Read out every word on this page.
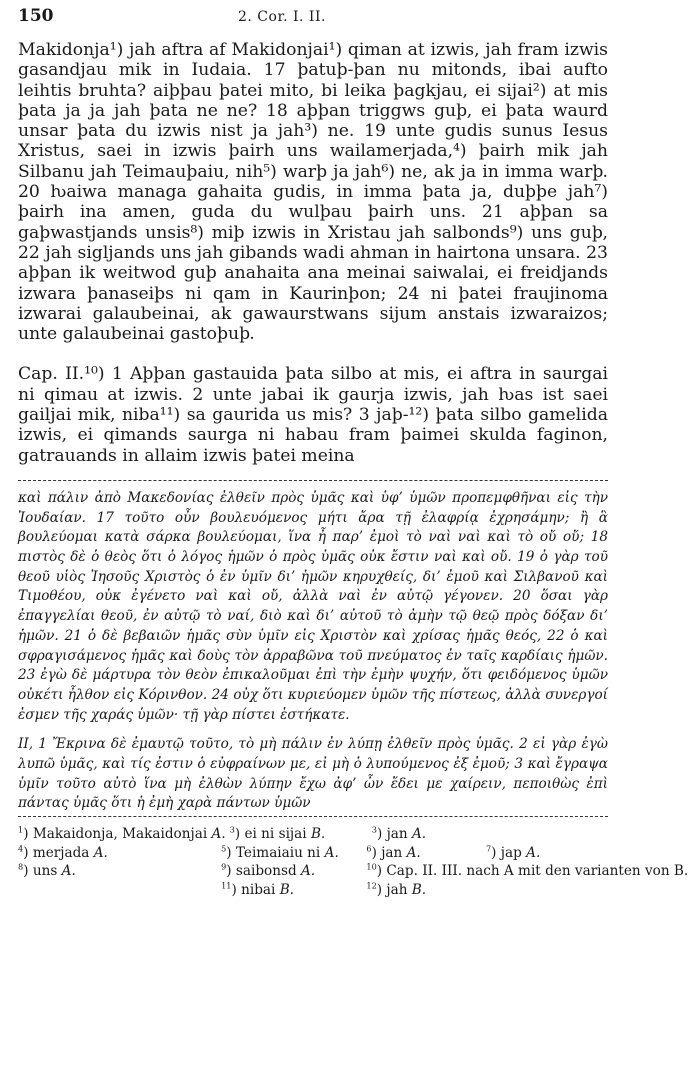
150	2. Cor. I. II.

Makidonja¹) jah aftra af Makidonjai¹) qiman at izwis, jah fram izwis gasandjau mik in Iudaia. 17 þatuþ-þan nu mitonds, ibai aufto leihtis bruhta? aiþþau þatei mito, bi leika þagkjau, ei sijai²) at mis þata ja ja jah þata ne ne? 18 aþþan triggws guþ, ei þata waurd unsar þata du izwis nist ja jah³) ne. 19 unte gudis sunus Iesus Xristus, saei in izwis þairh uns wailamerjada,⁴) þairh mik jah Silbanu jah Teimauþaiu, nih⁵) warþ ja jah⁶) ne, ak ja in imma warþ. 20 ƕaiwa managa gahaita gudis, in imma þata ja, duþþe jah⁷) þairh ina amen, guda du wulþau þairh uns. 21 aþþan sa gaþwastjands unsis⁸) miþ izwis in Xristau jah salbonds⁹) uns guþ, 22 jah sigljands uns jah gibands wadi ahman in hairtona unsara. 23 aþþan ik weitwod guþ anahaita ana meinai saiwalai, ei freidjands izwara þanaseiþs ni qam in Kaurinþon; 24 ni þatei fraujinoma izwarai galaubeinai, ak gawaurstwans sijum anstais izwaraizos; unte galaubeinai gastoþuþ.

Cap. II.¹⁰) 1 Aþþan gastauida þata silbo at mis, ei aftra in saurgai ni qimau at izwis. 2 unte jabai ik gaurja izwis, jah ƕas ist saei gailjai mik, niba¹¹) sa gaurida us mis? 3 jaþ-¹²) þata silbo gamelida izwis, ei qimands saurga ni habau fram þaimei skulda faginon, gatrauands in allaim izwis þatei meina

καὶ πάλιν ἀπὸ Μακεδονίας ἐλθεῖν πρὸς ὑμᾶς καὶ ὑφ’ ὑμῶν προπεμφθῆναι εἰς τὴν Ἰουδαίαν. 17 τοῦτο οὖν βουλευόμενος μήτι ἄρα τῇ ἐλαφρίᾳ ἐχρησάμην; ἢ ἃ βουλεύομαι κατὰ σάρκα βουλεύομαι, ἵνα ἦ παρ’ ἐμοὶ τὸ ναὶ ναὶ καὶ τὸ οὔ οὔ; 18 πιστὸς δὲ ὁ θεὸς ὅτι ὁ λόγος ἡμῶν ὁ πρὸς ὑμᾶς οὐκ ἔστιν ναὶ καὶ οὔ. 19 ὁ γὰρ τοῦ θεοῦ υἱὸς Ἰησοῦς Χριστὸς ὁ ἐν ὑμῖν δι’ ἡμῶν κηρυχθείς, δι’ ἐμοῦ καὶ Σιλβανοῦ καὶ Τιμοθέου, οὐκ ἐγένετο ναὶ καὶ οὔ, ἀλλὰ ναὶ ἐν αὐτῷ γέγονεν. 20 ὅσαι γὰρ ἐπαγγελίαι θεοῦ, ἐν αὐτῷ τὸ ναί, διὸ καὶ δι’ αὐτοῦ τὸ ἀμὴν τῷ θεῷ πρὸς δόξαν δι’ ἡμῶν. 21 ὁ δὲ βεβαιῶν ἡμᾶς σὺν ὑμῖν εἰς Χριστὸν καὶ χρίσας ἡμᾶς θεός, 22 ὁ καὶ σφραγισάμενος ἡμᾶς καὶ δοὺς τὸν ἀρραβῶνα τοῦ πνεύματος ἐν ταῖς καρδίαις ἡμῶν. 23 ἐγὼ δὲ μάρτυρα τὸν θεὸν ἐπικαλοῦμαι ἐπὶ τὴν ἐμὴν ψυχήν, ὅτι φειδόμενος ὑμῶν οὐκέτι ἦλθον εἰς Κόρινθον. 24 οὐχ ὅτι κυριεύομεν ὑμῶν τῆς πίστεως, ἀλλὰ συνεργοί ἐσμεν τῆς χαράς ὑμῶν· τῇ γὰρ πίστει ἑστήκατε.

II, 1 Ἔκρινα δὲ ἐμαυτῷ τοῦτο, τὸ μὴ πάλιν ἐν λύπῃ ἐλθεῖν πρὸς ὑμᾶς. 2 εἰ γὰρ ἐγὼ λυπῶ ὑμᾶς, καὶ τίς ἐστιν ὁ εὐφραίνων με, εἰ μὴ ὁ λυπούμενος ἐξ ἐμοῦ; 3 καὶ ἔγραψα ὑμῖν τοῦτο αὐτὸ ἵνα μὴ ἐλθὼν λύπην ἔχω ἀφ’ ὧν ἔδει με χαίρειν, πεποιθὼς ἐπὶ πάντας ὑμᾶς ὅτι ἡ ἐμὴ χαρὰ πάντων ὑμῶν

$^1$) Makaidonja, Makaidonjai A. $^3$) ei ni sijai B.	$^3$) jan A.
$^4$) merjada A.	$^5$) Teimaiaiu ni A.	$^6$) jan A.	$^7$) jap A.
$^8$) uns A.	$^9$) saibonsd A.	$^{10}$) Cap. II. III. nach A mit den varianten von B.
$^{11}$) nibai B.	$^{12}$) jah B.
